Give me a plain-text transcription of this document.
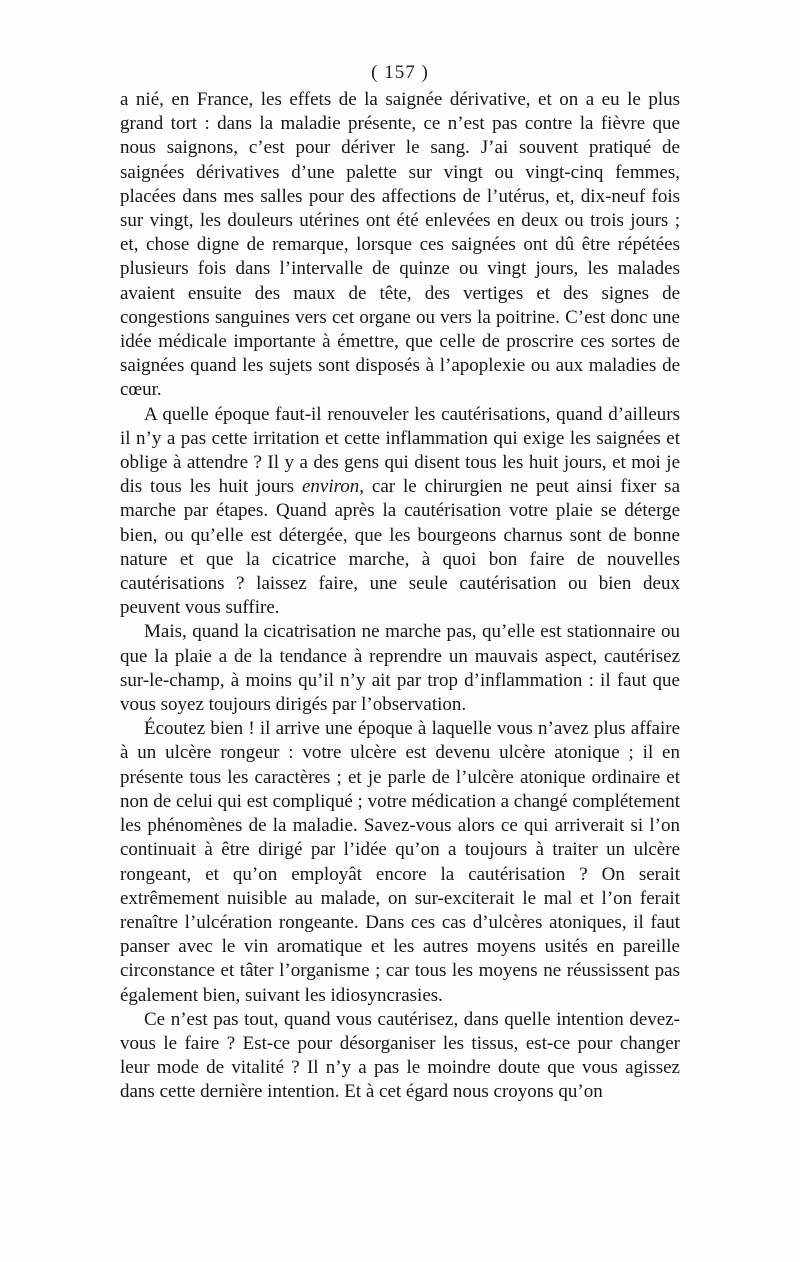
( 157 )

a nié, en France, les effets de la saignée dérivative, et on a eu le plus grand tort : dans la maladie présente, ce n’est pas contre la fièvre que nous saignons, c’est pour dériver le sang. J’ai souvent pratiqué de saignées dérivatives d’une palette sur vingt ou vingt-cinq femmes, placées dans mes salles pour des affections de l’utérus, et, dix-neuf fois sur vingt, les douleurs utérines ont été enlevées en deux ou trois jours ; et, chose digne de remarque, lorsque ces saignées ont dû être répétées plusieurs fois dans l’intervalle de quinze ou vingt jours, les malades avaient ensuite des maux de tête, des vertiges et des signes de congestions sanguines vers cet organe ou vers la poitrine. C’est donc une idée médicale importante à émettre, que celle de proscrire ces sortes de saignées quand les sujets sont disposés à l’apoplexie ou aux maladies de cœur.

A quelle époque faut-il renouveler les cautérisations, quand d’ailleurs il n’y a pas cette irritation et cette inflammation qui exige les saignées et oblige à attendre ? Il y a des gens qui disent tous les huit jours, et moi je dis tous les huit jours environ, car le chirurgien ne peut ainsi fixer sa marche par étapes. Quand après la cautérisation votre plaie se déterge bien, ou qu’elle est détergée, que les bourgeons charnus sont de bonne nature et que la cicatrice marche, à quoi bon faire de nouvelles cautérisations ? laissez faire, une seule cautérisation ou bien deux peuvent vous suffire.

Mais, quand la cicatrisation ne marche pas, qu’elle est stationnaire ou que la plaie a de la tendance à reprendre un mauvais aspect, cautérisez sur-le-champ, à moins qu’il n’y ait par trop d’inflammation : il faut que vous soyez toujours dirigés par l’observation.

Écoutez bien ! il arrive une époque à laquelle vous n’avez plus affaire à un ulcère rongeur : votre ulcère est devenu ulcère atonique ; il en présente tous les caractères ; et je parle de l’ulcère atonique ordinaire et non de celui qui est compliqué ; votre médication a changé complétement les phénomènes de la maladie. Savez-vous alors ce qui arriverait si l’on continuait à être dirigé par l’idée qu’on a toujours à traiter un ulcère rongeant, et qu’on employât encore la cautérisation ? On serait extrêmement nuisible au malade, on sur-exciterait le mal et l’on ferait renaître l’ulcération rongeante. Dans ces cas d’ulcères atoniques, il faut panser avec le vin aromatique et les autres moyens usités en pareille circonstance et tâter l’organisme ; car tous les moyens ne réussissent pas également bien, suivant les idiosyncrasies.

Ce n’est pas tout, quand vous cautérisez, dans quelle intention devez-vous le faire ? Est-ce pour désorganiser les tissus, est-ce pour changer leur mode de vitalité ? Il n’y a pas le moindre doute que vous agissez dans cette dernière intention. Et à cet égard nous croyons qu’on
